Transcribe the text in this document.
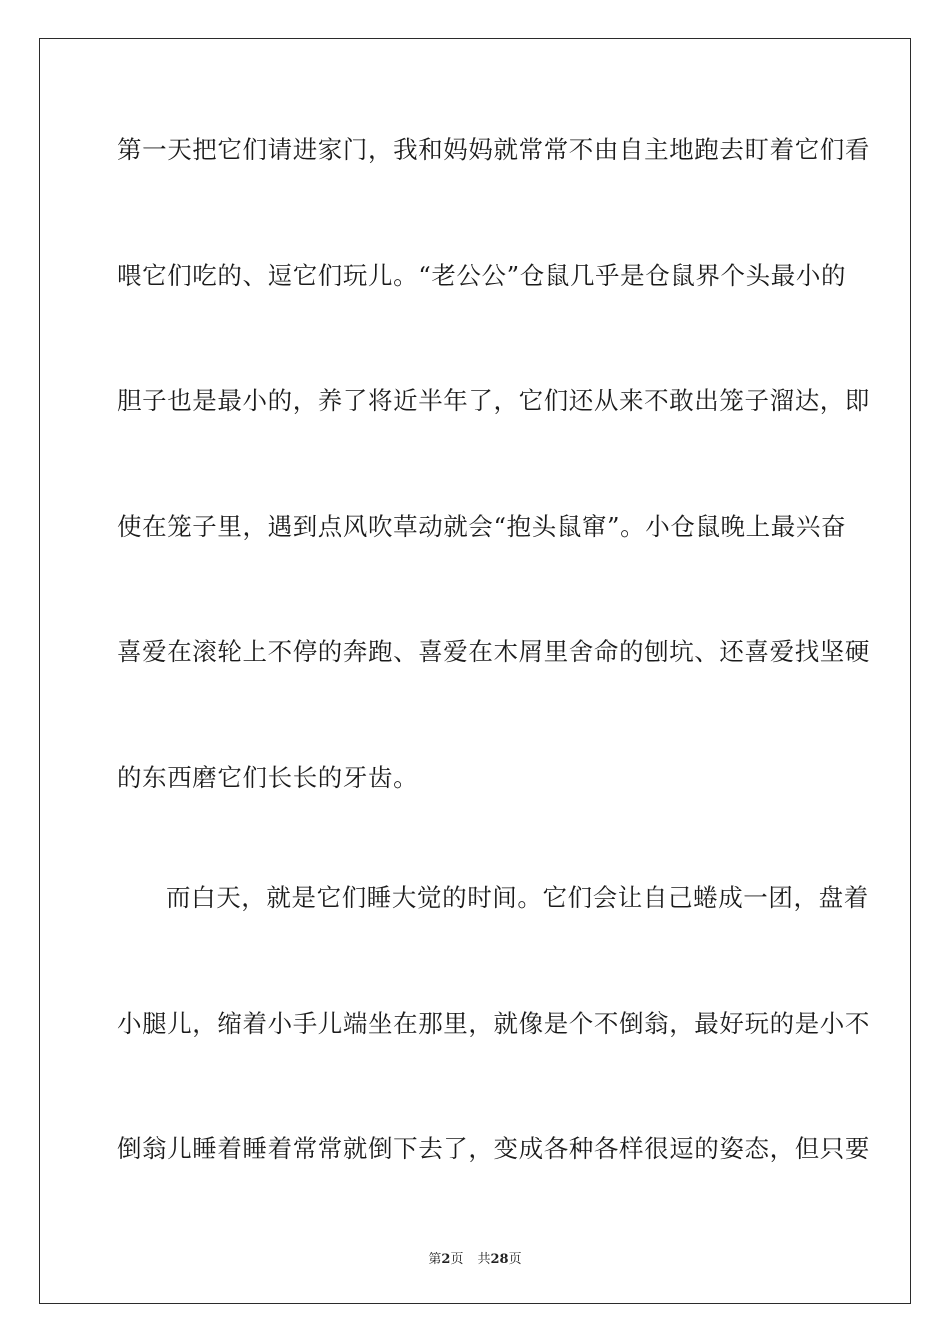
第一天把它们请进家门，我和妈妈就常常不由自主地跑去盯着它们看
喂它们吃的、逗它们玩儿。“老公公”仓鼠几乎是仓鼠界个头最小的
胆子也是最小的，养了将近半年了，它们还从来不敢出笼子溜达，即
使在笼子里，遇到点风吹草动就会“抱头鼠窜”。小仓鼠晚上最兴奋
喜爱在滚轮上不停的奔跑、喜爱在木屑里舍命的刨坑、还喜爱找坚硬
的东西磨它们长长的牙齿。
而白天，就是它们睡大觉的时间。它们会让自己蜷成一团，盘着
小腿儿，缩着小手儿端坐在那里，就像是个不倒翁，最好玩的是小不
倒翁儿睡着睡着常常就倒下去了，变成各种各样很逗的姿态，但只要
第2页 共28页
